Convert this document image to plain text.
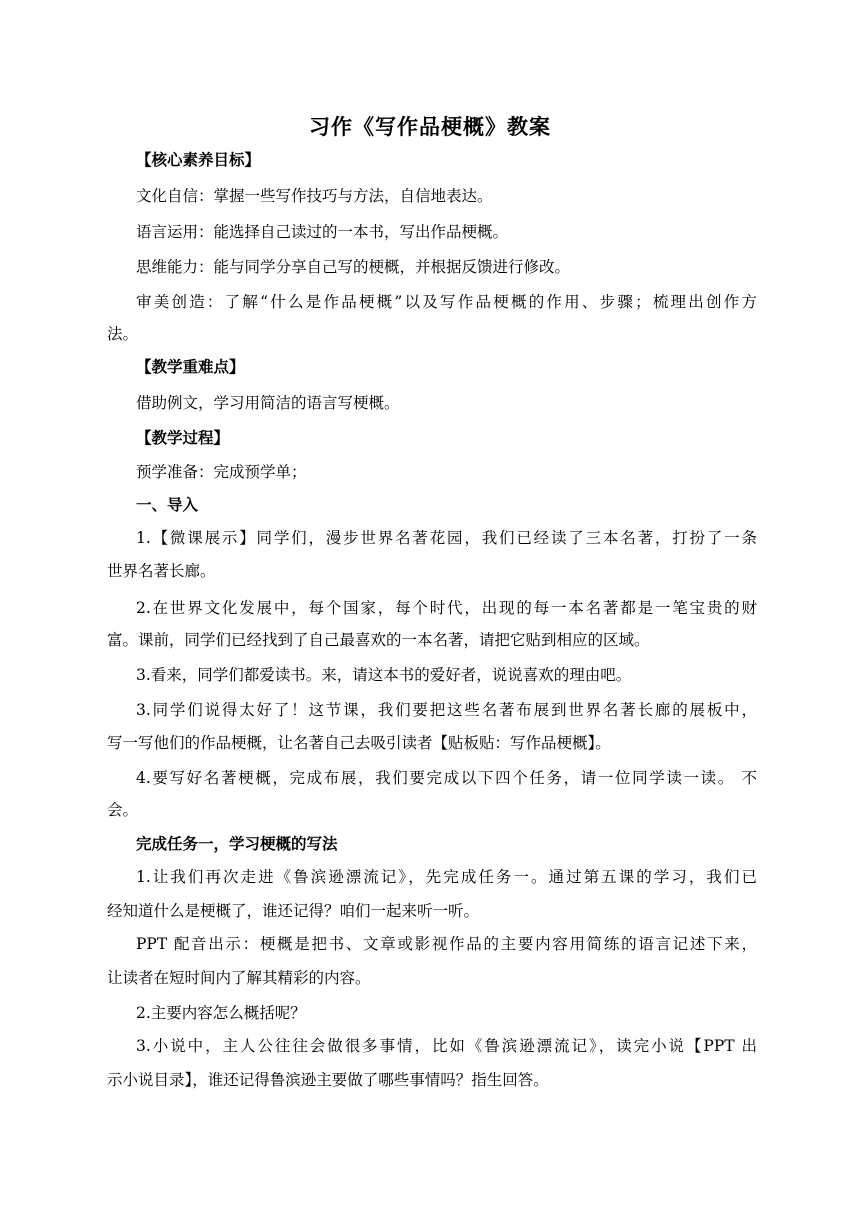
习作《写作品梗概》教案
【核心素养目标】
文化自信：掌握一些写作技巧与方法，自信地表达。
语言运用：能选择自己读过的一本书，写出作品梗概。
思维能力：能与同学分享自己写的梗概，并根据反馈进行修改。
审美创造：了解“什么是作品梗概”以及写作品梗概的作用、步骤；梳理出创作方
法。
【教学重难点】
借助例文，学习用简洁的语言写梗概。
【教学过程】
预学准备：完成预学单；
一、导入
1.【微课展示】同学们，漫步世界名著花园，我们已经读了三本名著，打扮了一条
世界名著长廊。
2.在世界文化发展中，每个国家，每个时代，出现的每一本名著都是一笔宝贵的财
富。课前，同学们已经找到了自己最喜欢的一本名著，请把它贴到相应的区域。
3.看来，同学们都爱读书。来，请这本书的爱好者，说说喜欢的理由吧。
3.同学们说得太好了！这节课，我们要把这些名著布展到世界名著长廊的展板中，
写一写他们的作品梗概，让名著自己去吸引读者【贴板贴：写作品梗概】。
4.要写好名著梗概，完成布展，我们要完成以下四个任务，请一位同学读一读。 不
会。
完成任务一，学习梗概的写法
1.让我们再次走进《鲁滨逊漂流记》，先完成任务一。通过第五课的学习，我们已
经知道什么是梗概了，谁还记得？咱们一起来听一听。
PPT 配音出示：梗概是把书、文章或影视作品的主要内容用简练的语言记述下来，
让读者在短时间内了解其精彩的内容。
2.主要内容怎么概括呢？
3.小说中，主人公往往会做很多事情，比如《鲁滨逊漂流记》，读完小说【PPT 出
示小说目录】，谁还记得鲁滨逊主要做了哪些事情吗？指生回答。
